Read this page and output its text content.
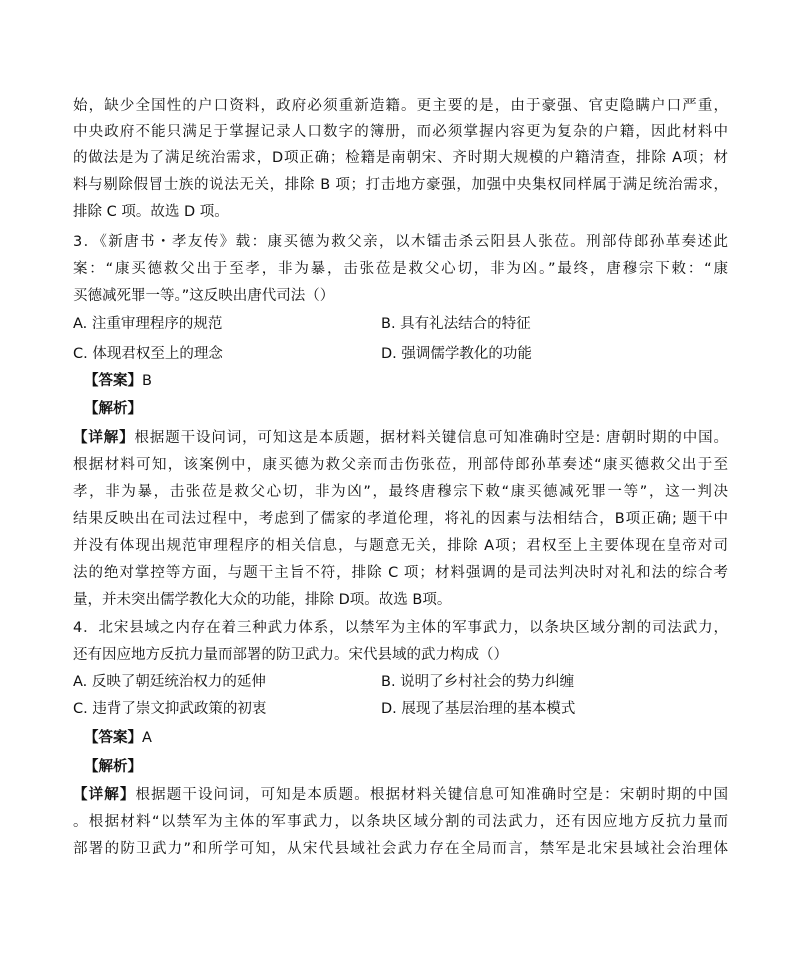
始，缺少全国性的户口资料，政府必须重新造籍。更主要的是，由于豪强、官吏隐瞒户口严重，
中央政府不能只满足于掌握记录人口数字的簿册，而必须掌握内容更为复杂的户籍，因此材料中
的做法是为了满足统治需求，D项正确；检籍是南朝宋、齐时期大规模的户籍清查，排除 A项；材
料与剔除假冒士族的说法无关，排除 B 项；打击地方豪强，加强中央集权同样属于满足统治需求，
排除 C 项。故选 D 项。
3．《新唐书・孝友传》载：康买德为救父亲，以木镭击杀云阳县人张莅。刑部侍郎孙革奏述此
案：“康买德救父出于至孝，非为暴，击张莅是救父心切，非为凶。”最终，唐穆宗下敕：“康
买德减死罪一等。”这反映出唐代司法（）
A. 注重审理程序的规范	B. 具有礼法结合的特征
C. 体现君权至上的理念	D. 强调儒学教化的功能
【答案】B
【解析】
【详解】根据题干设问词，可知这是本质题，据材料关键信息可知准确时空是: 唐朝时期的中国。
根据材料可知，该案例中，康买德为救父亲而击伤张莅，刑部侍郎孙革奏述“康买德救父出于至
孝，非为暴，击张莅是救父心切，非为凶”，最终唐穆宗下敕“康买德减死罪一等”，这一判决
结果反映出在司法过程中，考虑到了儒家的孝道伦理，将礼的因素与法相结合，B项正确; 题干中
并没有体现出规范审理程序的相关信息，与题意无关，排除 A项；君权至上主要体现在皇帝对司
法的绝对掌控等方面，与题干主旨不符，排除 C 项；材料强调的是司法判决时对礼和法的综合考
量，并未突出儒学教化大众的功能，排除 D项。故选 B项。
4．北宋县域之内存在着三种武力体系，以禁军为主体的军事武力，以条块区域分割的司法武力，
还有因应地方反抗力量而部署的防卫武力。宋代县域的武力构成（）
A. 反映了朝廷统治权力的延伸	B. 说明了乡村社会的势力纠缠
C. 违背了崇文抑武政策的初衷	D. 展现了基层治理的基本模式
【答案】A
【解析】
【详解】根据题干设问词，可知是本质题。根据材料关键信息可知准确时空是：宋朝时期的中国
。根据材料“以禁军为主体的军事武力，以条块区域分割的司法武力，还有因应地方反抗力量而
部署的防卫武力”和所学可知，从宋代县域社会武力存在全局而言，禁军是北宋县域社会治理体
